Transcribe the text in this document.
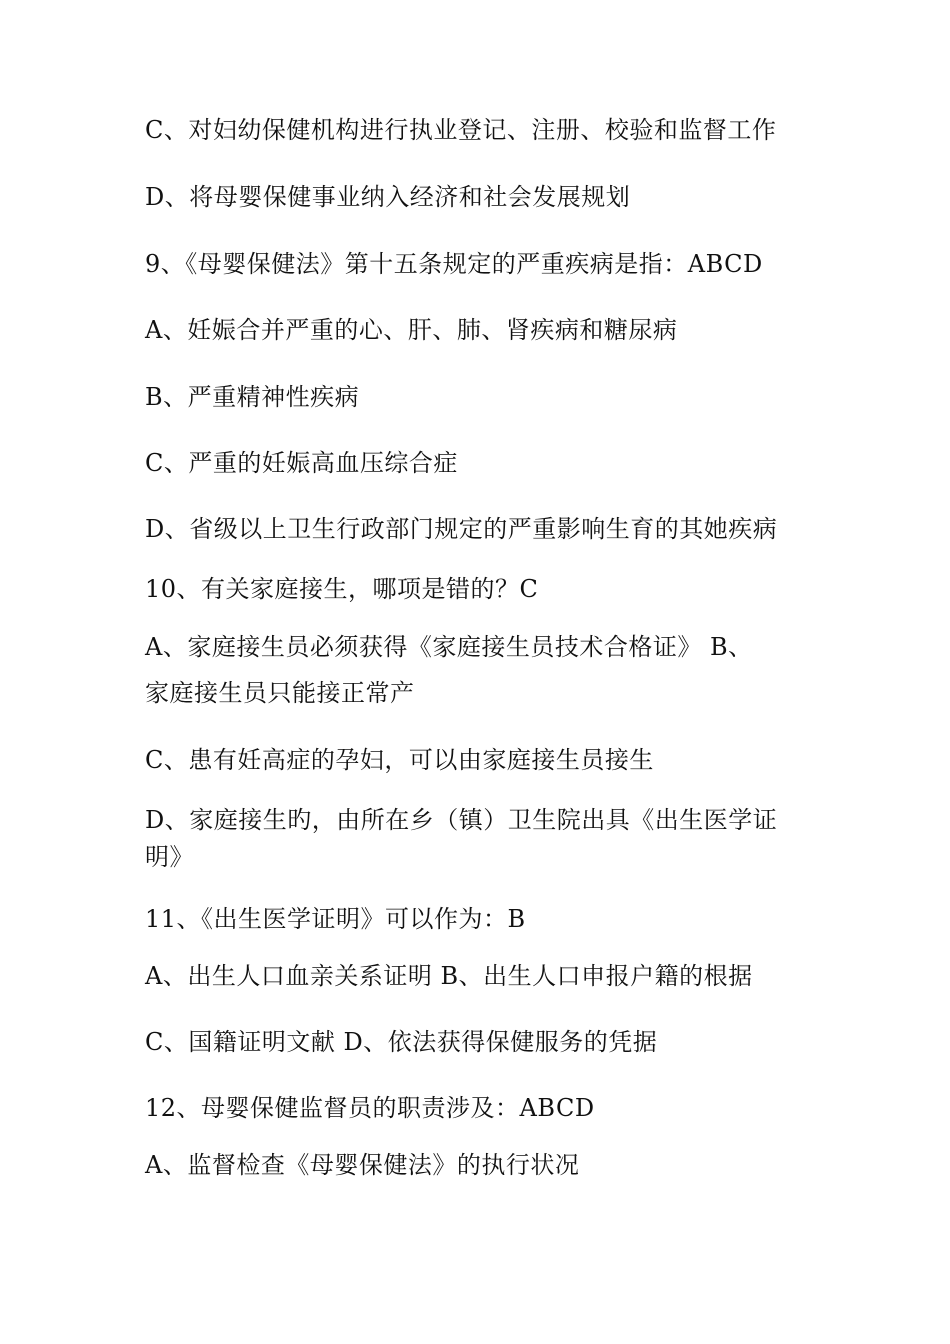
C、对妇幼保健机构进行执业登记、注册、校验和监督工作
D、将母婴保健事业纳入经济和社会发展规划
9、《母婴保健法》第十五条规定的严重疾病是指：ABCD
A、妊娠合并严重的心、肝、肺、肾疾病和糖尿病
B、严重精神性疾病
C、严重的妊娠高血压综合症
D、省级以上卫生行政部门规定的严重影响生育的其她疾病
10、有关家庭接生，哪项是错的？C
A、家庭接生员必须获得《家庭接生员技术合格证》 B、
家庭接生员只能接正常产
C、患有妊高症的孕妇，可以由家庭接生员接生
D、家庭接生旳，由所在乡（镇）卫生院出具《出生医学证
明》
11、《出生医学证明》可以作为：B
A、出生人口血亲关系证明 B、出生人口申报户籍的根据
C、国籍证明文献 D、依法获得保健服务的凭据
12、母婴保健监督员的职责涉及：ABCD
A、监督检查《母婴保健法》的执行状况
